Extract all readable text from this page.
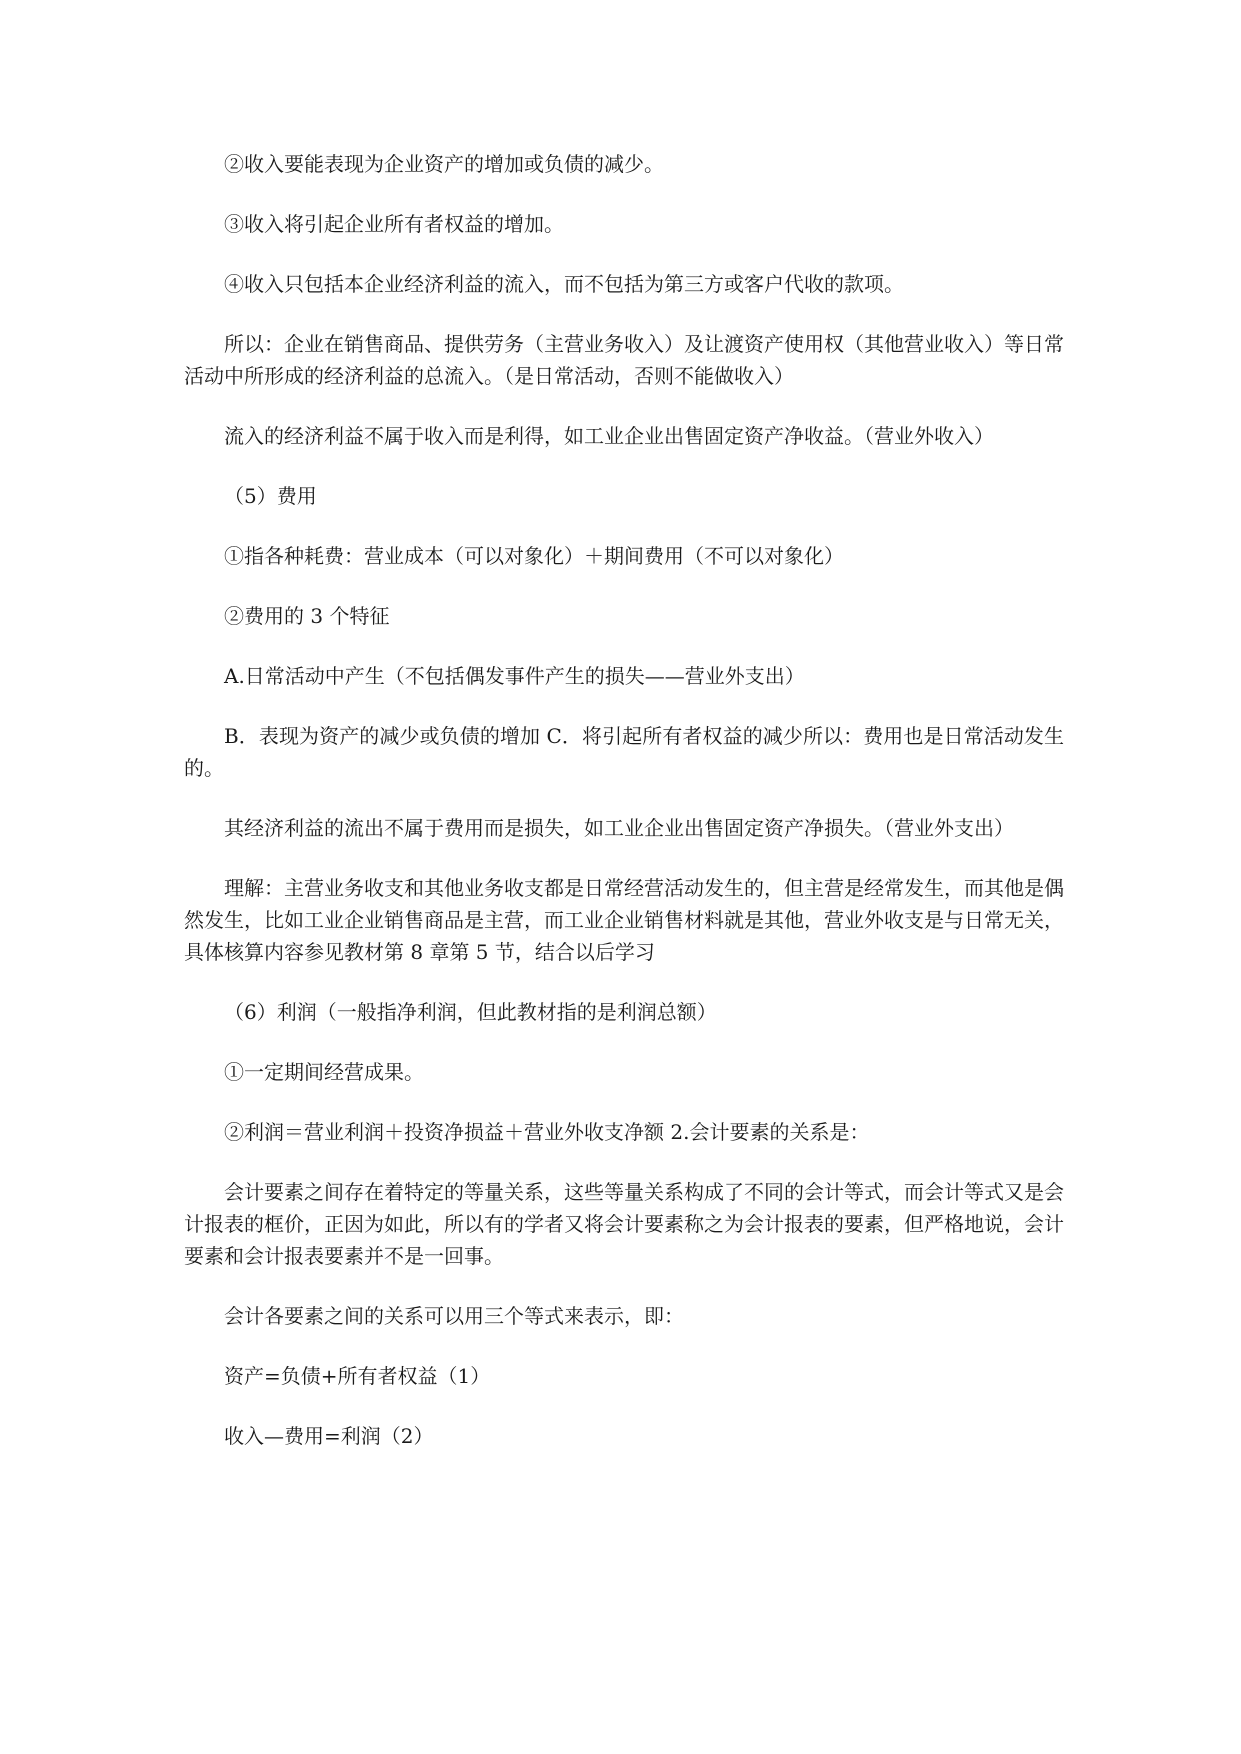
②收入要能表现为企业资产的增加或负债的减少。

③收入将引起企业所有者权益的增加。

④收入只包括本企业经济利益的流入，而不包括为第三方或客户代收的款项。

所以：企业在销售商品、提供劳务（主营业务收入）及让渡资产使用权（其他营业收入）等日常活动中所形成的经济利益的总流入。（是日常活动，否则不能做收入）

流入的经济利益不属于收入而是利得，如工业企业出售固定资产净收益。（营业外收入）

（5）费用

①指各种耗费：营业成本（可以对象化）＋期间费用（不可以对象化）

②费用的 3 个特征

A.日常活动中产生（不包括偶发事件产生的损失——营业外支出）

B．表现为资产的减少或负债的增加 C．将引起所有者权益的减少所以：费用也是日常活动发生的。

其经济利益的流出不属于费用而是损失，如工业企业出售固定资产净损失。（营业外支出）

理解：主营业务收支和其他业务收支都是日常经营活动发生的，但主营是经常发生，而其他是偶然发生，比如工业企业销售商品是主营，而工业企业销售材料就是其他，营业外收支是与日常无关，具体核算内容参见教材第 8 章第 5 节，结合以后学习

（6）利润（一般指净利润，但此教材指的是利润总额）

①一定期间经营成果。

②利润＝营业利润＋投资净损益＋营业外收支净额 2.会计要素的关系是：

会计要素之间存在着特定的等量关系，这些等量关系构成了不同的会计等式，而会计等式又是会计报表的框价，正因为如此，所以有的学者又将会计要素称之为会计报表的要素，但严格地说，会计要素和会计报表要素并不是一回事。

会计各要素之间的关系可以用三个等式来表示，即：

资产=负债+所有者权益（1）

收入—费用=利润（2）
